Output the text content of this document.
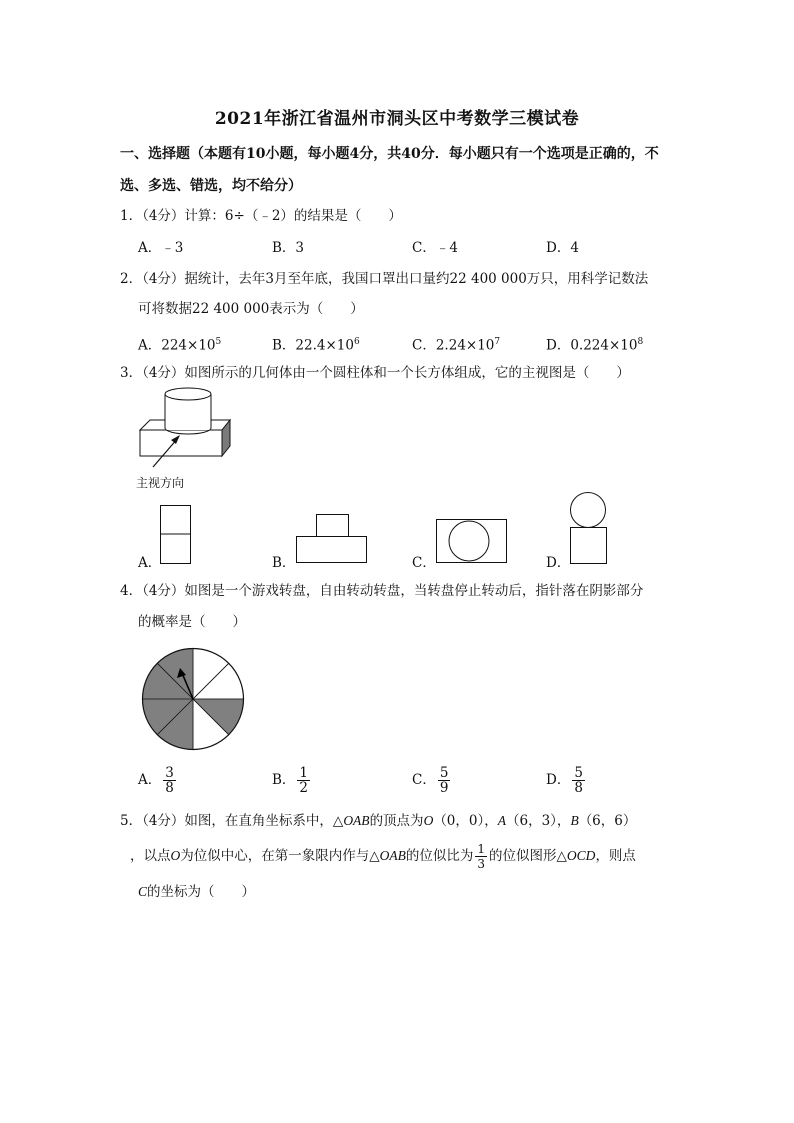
2021年浙江省温州市洞头区中考数学三模试卷
一、选择题（本题有10小题，每小题4分，共40分．每小题只有一个选项是正确的，不
选、多选、错选，均不给分）
1．（4分）计算：6÷（﹣2）的结果是（　　）
A．﹣3	B．3	C．﹣4	D．4
2．（4分）据统计，去年3月至年底，我国口罩出口量约22 400 000万只，用科学记数法
可将数据22 400 000表示为（　　）
A．$224\times 10^5$	B．$22.4\times 10^6$	C．$2.24\times 10^7$	D．$0.224\times 10^8$
3．（4分）如图所示的几何体由一个圆柱体和一个长方体组成，它的主视图是（　　）
主视方向
A．	B．	C．	D．
4．（4分）如图是一个游戏转盘，自由转动转盘，当转盘停止转动后，指针落在阴影部分
的概率是（　　）
A． $\frac{3}{8}$	B． $\frac{1}{2}$	C． $\frac{5}{9}$	D． $\frac{5}{8}$
5．（4分）如图，在直角坐标系中，△OAB的顶点为O（0，0），A（6，3），B（6，6）
，以点O为位似中心，在第一象限内作与△OAB的位似比为 $\frac{1}{3}$ 的位似图形△OCD，则点
C的坐标为（　　）
